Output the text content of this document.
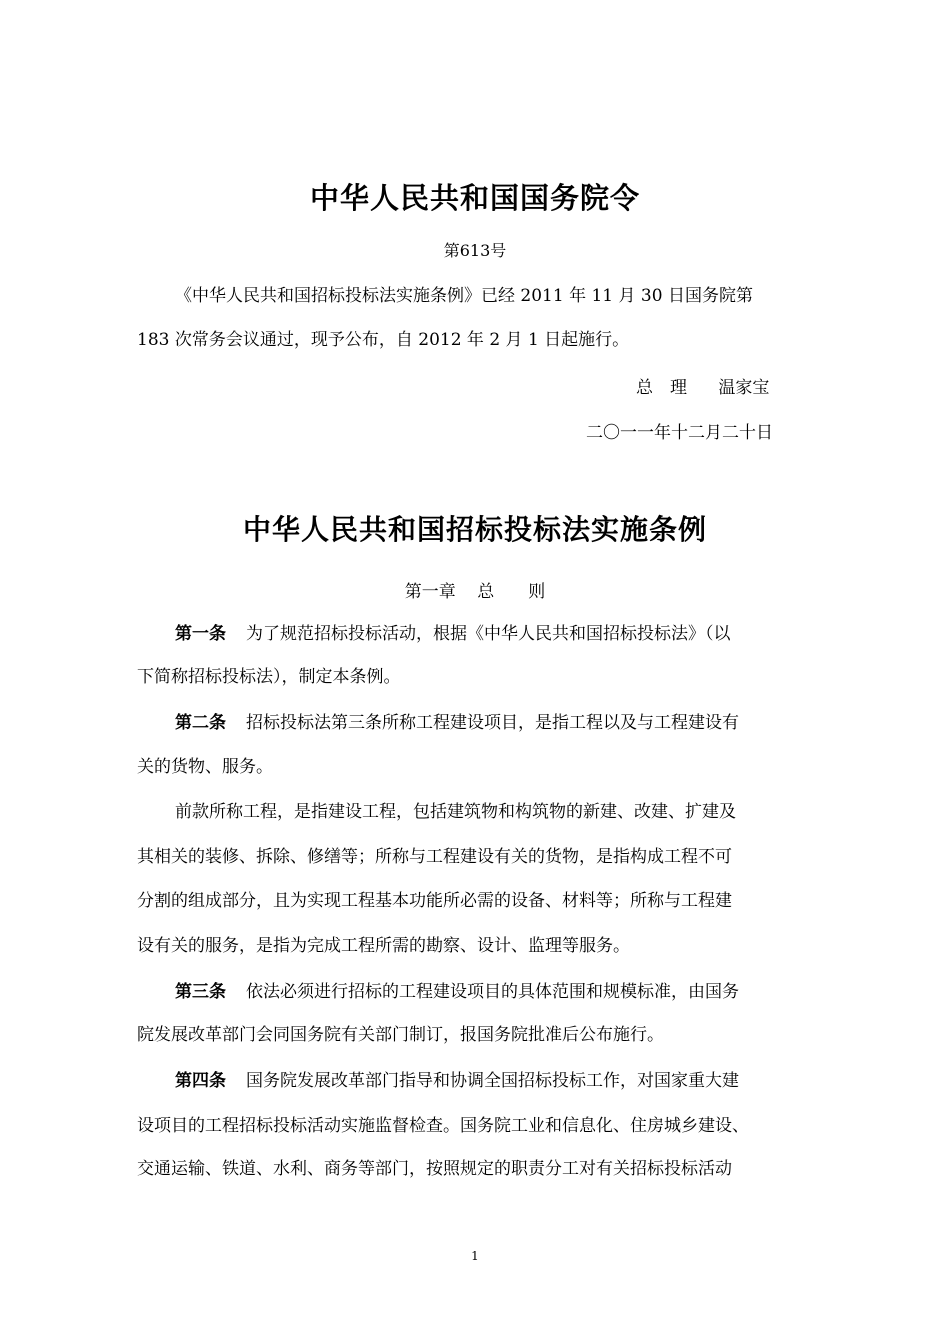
中华人民共和国国务院令
第613号
《中华人民共和国招标投标法实施条例》已经 2011 年 11 月 30 日国务院第
183 次常务会议通过，现予公布，自 2012 年 2 月 1 日起施行。
总　理 温家宝
二〇一一年十二月二十日
中华人民共和国招标投标法实施条例
第一章 总　　则
第一条 为了规范招标投标活动，根据《中华人民共和国招标投标法》（以
下简称招标投标法），制定本条例。
第二条 招标投标法第三条所称工程建设项目，是指工程以及与工程建设有
关的货物、服务。
前款所称工程，是指建设工程，包括建筑物和构筑物的新建、改建、扩建及
其相关的装修、拆除、修缮等；所称与工程建设有关的货物，是指构成工程不可
分割的组成部分，且为实现工程基本功能所必需的设备、材料等；所称与工程建
设有关的服务，是指为完成工程所需的勘察、设计、监理等服务。
第三条 依法必须进行招标的工程建设项目的具体范围和规模标准，由国务
院发展改革部门会同国务院有关部门制订，报国务院批准后公布施行。
第四条 国务院发展改革部门指导和协调全国招标投标工作，对国家重大建
设项目的工程招标投标活动实施监督检查。国务院工业和信息化、住房城乡建设、
交通运输、铁道、水利、商务等部门，按照规定的职责分工对有关招标投标活动
1
